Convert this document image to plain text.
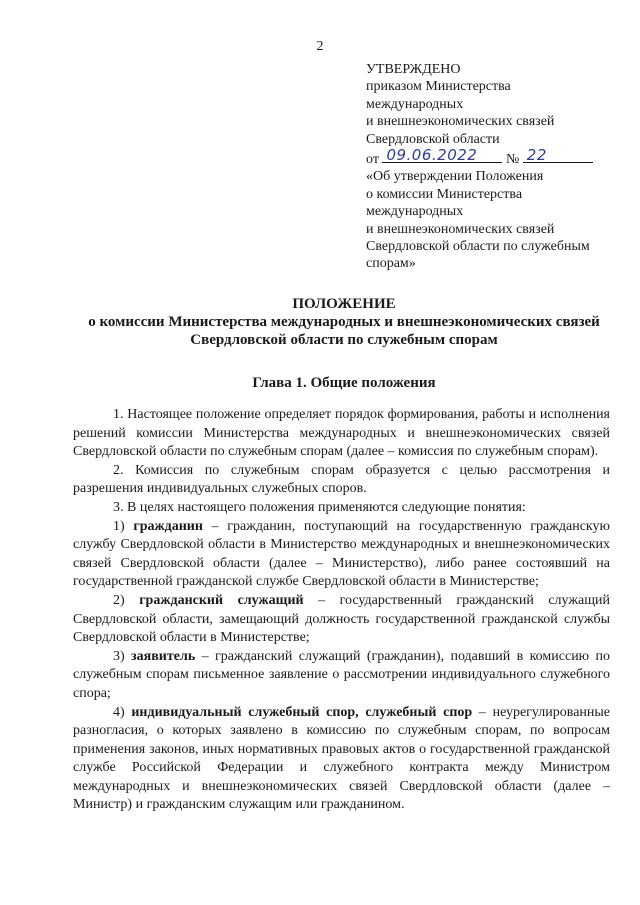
2
УТВЕРЖДЕНО
приказом Министерства
международных
и внешнеэкономических связей
Свердловской области
от 09.06.2022 № 22
«Об утверждении Положения
о комиссии Министерства
международных
и внешнеэкономических связей
Свердловской области по служебным
спорам»
ПОЛОЖЕНИЕ
о комиссии Министерства международных и внешнеэкономических связей
Свердловской области по служебным спорам
Глава 1. Общие положения

1. Настоящее положение определяет порядок формирования, работы и исполнения решений комиссии Министерства международных и внешнеэкономических связей Свердловской области по служебным спорам (далее – комиссия по служебным спорам).

2. Комиссия по служебным спорам образуется с целью рассмотрения и разрешения индивидуальных служебных споров.

3. В целях настоящего положения применяются следующие понятия:

1) гражданин – гражданин, поступающий на государственную гражданскую службу Свердловской области в Министерство международных и внешнеэкономических связей Свердловской области (далее – Министерство), либо ранее состоявший на государственной гражданской службе Свердловской области в Министерстве;

2) гражданский служащий – государственный гражданский служащий Свердловской области, замещающий должность государственной гражданской службы Свердловской области в Министерстве;

3) заявитель – гражданский служащий (гражданин), подавший в комиссию по служебным спорам письменное заявление о рассмотрении индивидуального служебного спора;

4) индивидуальный служебный спор, служебный спор – неурегулированные разногласия, о которых заявлено в комиссию по служебным спорам, по вопросам применения законов, иных нормативных правовых актов о государственной гражданской службе Российской Федерации и служебного контракта между Министром международных и внешнеэкономических связей Свердловской области (далее – Министр) и гражданским служащим или гражданином.
